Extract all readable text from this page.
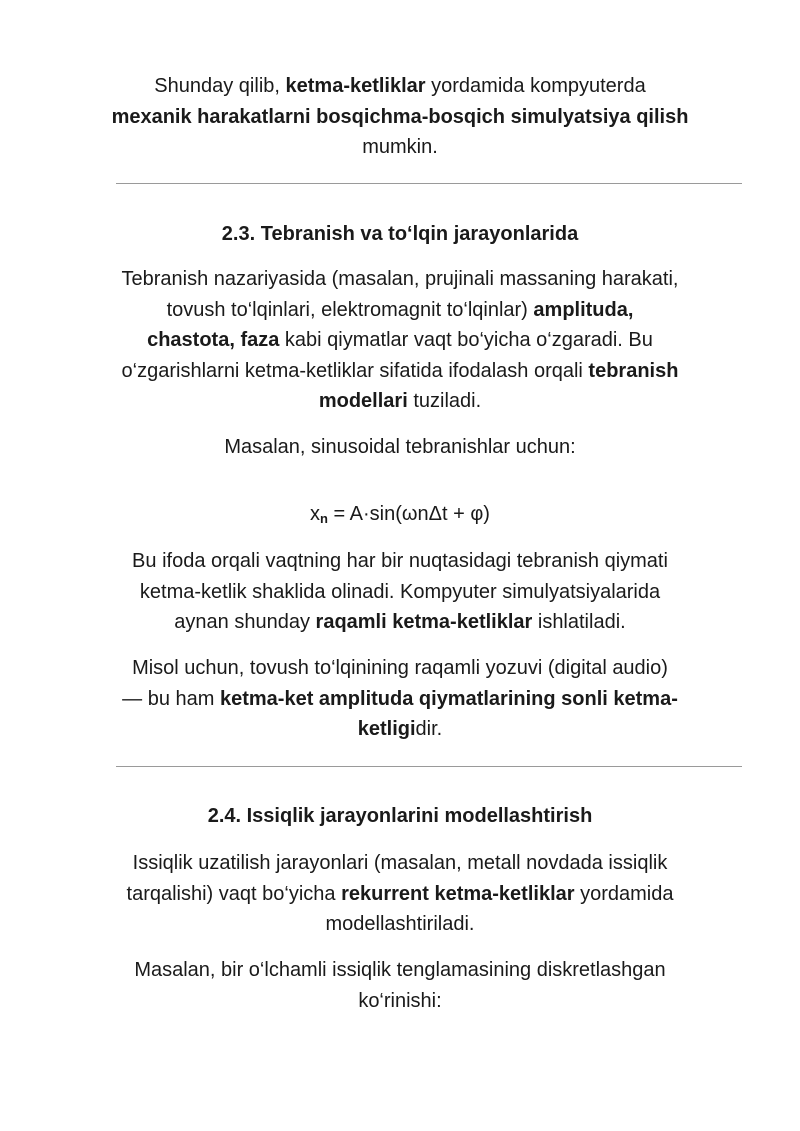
Shunday qilib, ketma-ketliklar yordamida kompyuterda
mexanik harakatlarni bosqichma-bosqich simulyatsiya qilish
mumkin.
2.3. Tebranish va to‘lqin jarayonlarida
Tebranish nazariyasida (masalan, prujinali massaning harakati,
tovush to‘lqinlari, elektromagnit to‘lqinlar) amplituda,
chastota, faza kabi qiymatlar vaqt bo‘yicha o‘zgaradi. Bu
o‘zgarishlarni ketma-ketliklar sifatida ifodalash orqali tebranish
modellari tuziladi.
Masalan, sinusoidal tebranishlar uchun:
$x_n = A\cdot\sin(\omega n\Delta t + \varphi)$
Bu ifoda orqali vaqtning har bir nuqtasidagi tebranish qiymati
ketma-ketlik shaklida olinadi. Kompyuter simulyatsiyalarida
aynan shunday raqamli ketma-ketliklar ishlatiladi.
Misol uchun, tovush to‘lqinining raqamli yozuvi (digital audio)
— bu ham ketma-ket amplituda qiymatlarining sonli ketma-
ketligidir.
2.4. Issiqlik jarayonlarini modellashtirish
Issiqlik uzatilish jarayonlari (masalan, metall novdada issiqlik
tarqalishi) vaqt bo‘yicha rekurrent ketma-ketliklar yordamida
modellashtiriladi.
Masalan, bir o‘lchamli issiqlik tenglamasining diskretlashgan
ko‘rinishi:
